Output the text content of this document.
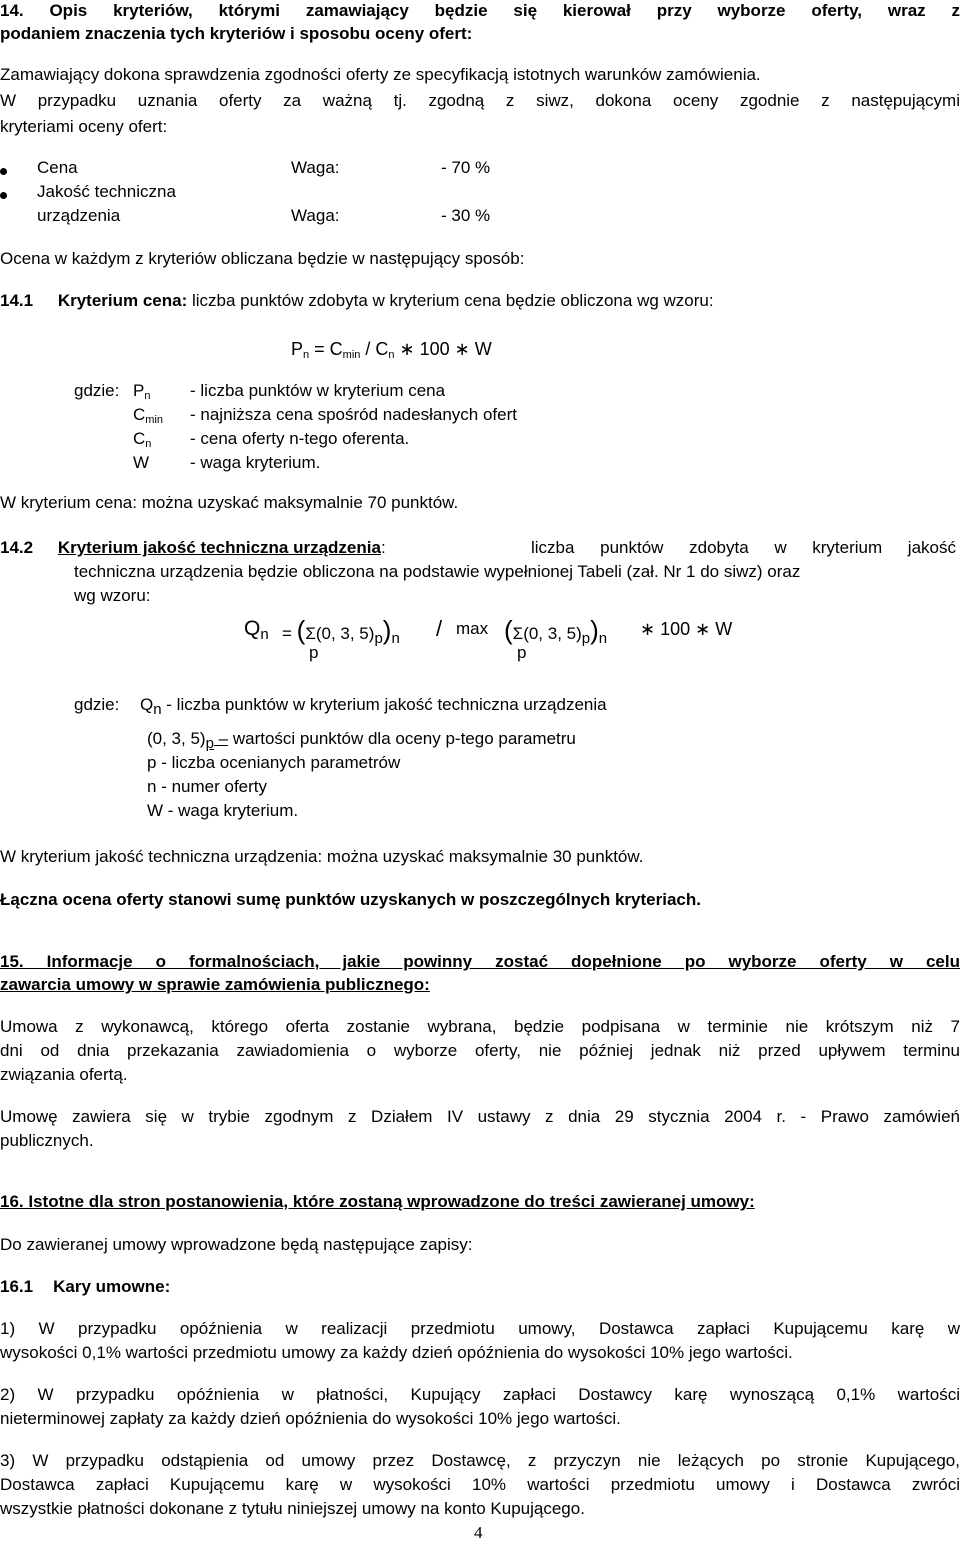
14. Opis kryteriów, którymi zamawiający będzie się kierował przy wyborze oferty, wraz z
podaniem znaczenia tych kryteriów i sposobu oceny ofert:
Zamawiający dokona sprawdzenia zgodności oferty ze specyfikacją istotnych warunków zamówienia.
W przypadku uznania oferty za ważną tj. zgodną z siwz, dokona oceny zgodnie z następującymi
kryteriami oceny ofert:
Cena	Waga:	- 70 %
Jakość techniczna
urządzenia	Waga:	- 30 %
Ocena w każdym z kryteriów obliczana będzie w następujący sposób:
14.1 Kryterium cena: liczba punktów zdobyta w kryterium cena będzie obliczona wg wzoru:
$P_n = C_{min} / C_n$ ∗ 100 ∗ W
gdzie: $P_n$ - liczba punktów w kryterium cena
$C_{min}$ - najniższa cena spośród nadesłanych ofert
$C_n$ - cena oferty n-tego oferenta.
W - waga kryterium.
W kryterium cena: można uzyskać maksymalnie 70 punktów.
14.2 Kryterium jakość techniczna urządzenia:	liczba punktów zdobyta w kryterium jakość
techniczna urządzenia będzie obliczona na podstawie wypełnionej Tabeli (zał. Nr 1 do siwz) oraz
wg wzoru:
Qn = (Σ(0, 3, 5)p)n / max (Σ(0, 3, 5)p)n ∗ 100 ∗ W
p	p
gdzie: Qn - liczba punktów w kryterium jakość techniczna urządzenia
(0, 3, 5)p – wartości punktów dla oceny p-tego parametru
p - liczba ocenianych parametrów
n - numer oferty
W - waga kryterium.
W kryterium jakość techniczna urządzenia: można uzyskać maksymalnie 30 punktów.
Łączna ocena oferty stanowi sumę punktów uzyskanych w poszczególnych kryteriach.
15. Informacje o formalnościach, jakie powinny zostać dopełnione po wyborze oferty w celu
zawarcia umowy w sprawie zamówienia publicznego:
Umowa z wykonawcą, którego oferta zostanie wybrana, będzie podpisana w terminie nie krótszym niż 7
dni od dnia przekazania zawiadomienia o wyborze oferty, nie później jednak niż przed upływem terminu
związania ofertą.
Umowę zawiera się w trybie zgodnym z Działem IV ustawy z dnia 29 stycznia 2004 r. - Prawo zamówień
publicznych.
16. Istotne dla stron postanowienia, które zostaną wprowadzone do treści zawieranej umowy:
Do zawieranej umowy wprowadzone będą następujące zapisy:
16.1 Kary umowne:
1) W przypadku opóźnienia w realizacji przedmiotu umowy, Dostawca zapłaci Kupującemu karę w
wysokości 0,1% wartości przedmiotu umowy za każdy dzień opóźnienia do wysokości 10% jego wartości.
2) W przypadku opóźnienia w płatności, Kupujący zapłaci Dostawcy karę wynoszącą 0,1% wartości
nieterminowej zapłaty za każdy dzień opóźnienia do wysokości 10% jego wartości.
3) W przypadku odstąpienia od umowy przez Dostawcę, z przyczyn nie leżących po stronie Kupującego,
Dostawca zapłaci Kupującemu karę w wysokości 10% wartości przedmiotu umowy i Dostawca zwróci
wszystkie płatności dokonane z tytułu niniejszej umowy na konto Kupującego.
4
